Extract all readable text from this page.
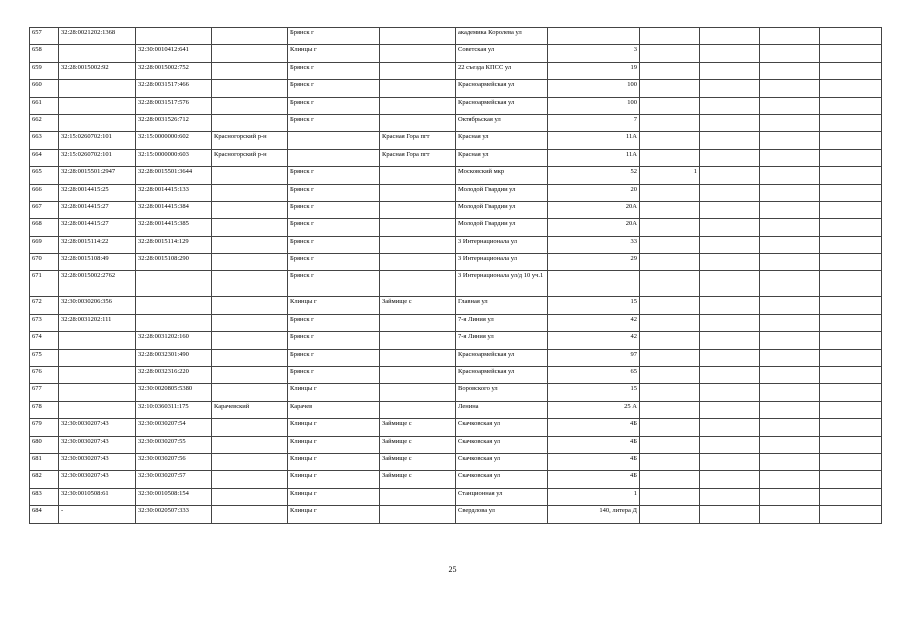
657	32:28:0021202:1368			Брянск г		академика Королева ул					
658		32:30:0010412:641		Клинцы г		Советская ул	3				
659	32:28:0015002:92	32:28:0015002:752		Брянск г		22 съезда КПСС ул	19				
660		32:28:0031517:466		Брянск г		Красноармейская ул	100				
661		32:28:0031517:576		Брянск г		Красноармейская ул	100				
662		32:28:0031526:712		Брянск г		Октябрьская ул	7				
663	32:15:0260702:101	32:15:0000000:602	Красногорский р-н		Красная Гора пгт	Красная ул	11А				
664	32:15:0260702:101	32:15:0000000:603	Красногорский р-н		Красная Гора пгт	Красная ул	11А				
665	32:28:0015501:2947	32:28:0015501:3644		Брянск г		Московский мкр	52	1			
666	32:28:0014415:25	32:28:0014415:133		Брянск г		Молодой Гвардии ул	20				
667	32:28:0014415:27	32:28:0014415:384		Брянск г		Молодой Гвардии ул	20А				
668	32:28:0014415:27	32:28:0014415:385		Брянск г		Молодой Гвардии ул	20А				
669	32:28:0015114:22	32:28:0015114:129		Брянск г		3 Интернационала ул	33				
670	32:28:0015108:49	32:28:0015108:290		Брянск г		3 Интернационала ул	29				
671	32:28:0015002:2762			Брянск г		3 Интернационала ул/д 10 уч.1					
672	32:30:0030206:356			Клинцы г	Займище с	Главная ул	15				
673	32:28:0031202:111			Брянск г		7-я Линия ул	42				
674		32:28:0031202:160		Брянск г		7-я Линия ул	42				
675		32:28:0032301:490		Брянск г		Красноармейская ул	97				
676		32:28:0032316:220		Брянск г		Красноармейская ул	65				
677		32:30:0020805:5380		Клинцы г		Воровского ул	15				
678		32:10:0360311:175	Карачевский	Карачев		Ленина	25 А				
679	32:30:0030207:43	32:30:0030207:54		Клинцы г	Займище с	Скачковская ул	4Б				
680	32:30:0030207:43	32:30:0030207:55		Клинцы г	Займище с	Скачковская ул	4Б				
681	32:30:0030207:43	32:30:0030207:56		Клинцы г	Займище с	Скачковская ул	4Б				
682	32:30:0030207:43	32:30:0030207:57		Клинцы г	Займище с	Скачковская ул	4Б				
683	32:30:0010508:61	32:30:0010508:154		Клинцы г		Станционная ул	1				
684	-	32:30:0020507:333		Клинцы г		Свердлова ул	140, литера Д				
25
